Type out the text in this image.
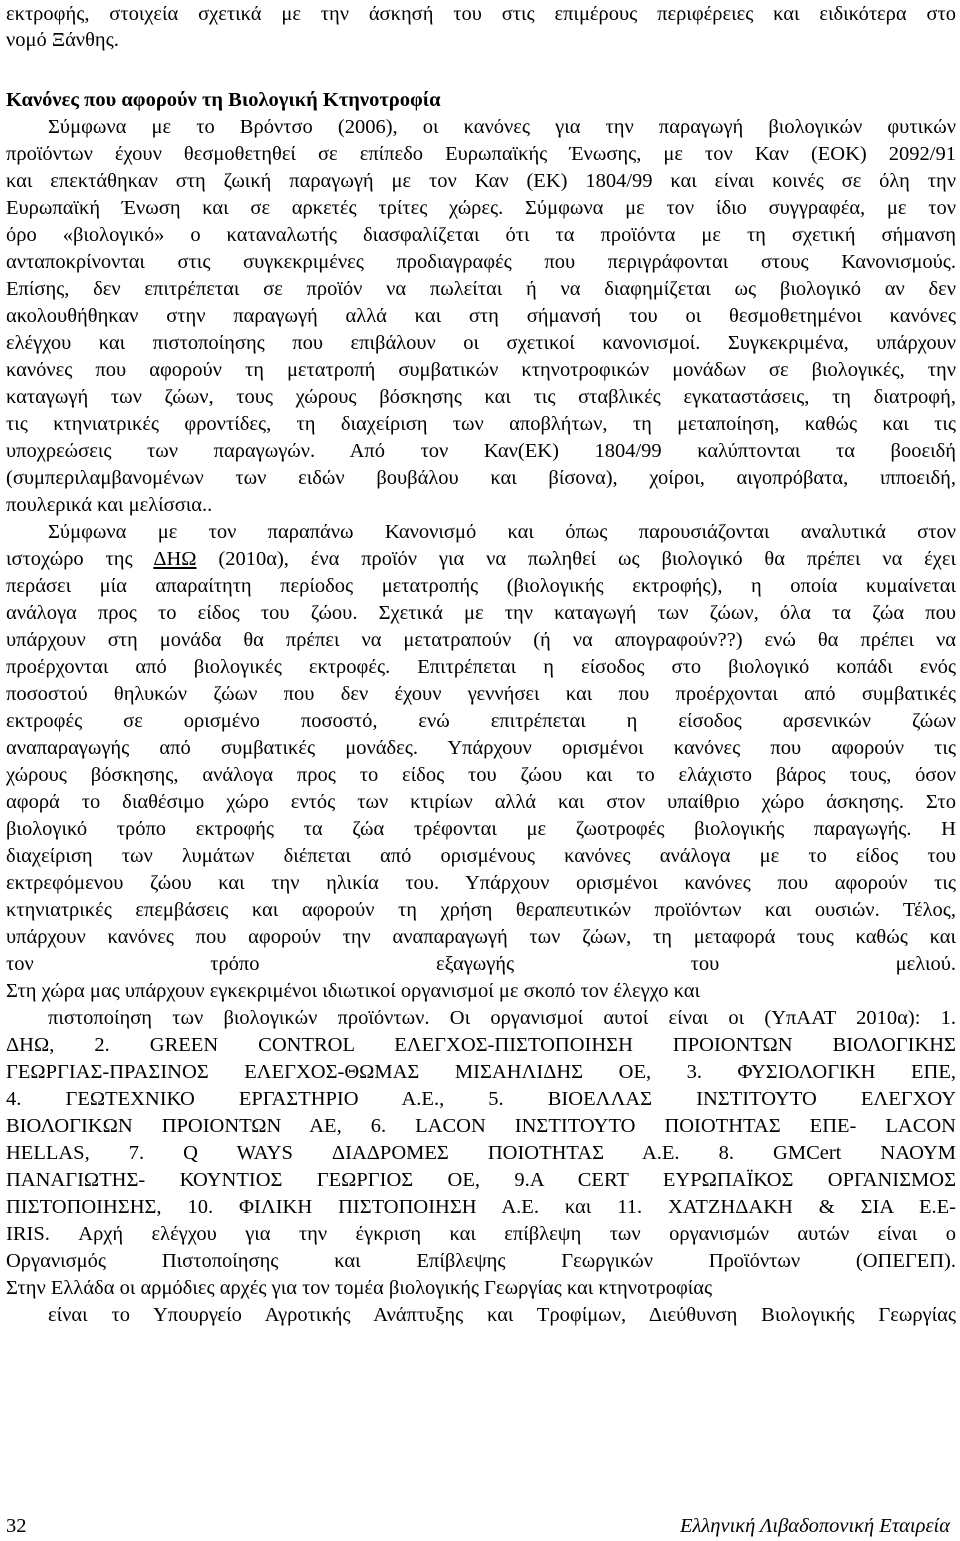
εκτροφής, στοιχεία σχετικά με την άσκησή του στις επιμέρους περιφέρειες και ειδικότερα στο
νομό Ξάνθης.
Κανόνες που αφορούν τη Βιολογική Κτηνοτροφία
Σύμφωνα με το Βρόντσο (2006), οι κανόνες για την παραγωγή βιολογικών φυτικών
προϊόντων έχουν θεσμοθετηθεί σε επίπεδο Ευρωπαϊκής Ένωσης, με τον Καν (ΕΟΚ) 2092/91
και επεκτάθηκαν στη ζωική παραγωγή με τον Καν (ΕΚ) 1804/99 και είναι κοινές σε όλη την
Ευρωπαϊκή Ένωση και σε αρκετές τρίτες χώρες. Σύμφωνα με τον ίδιο συγγραφέα, με τον
όρο «βιολογικό» ο καταναλωτής διασφαλίζεται ότι τα προϊόντα με τη σχετική σήμανση
ανταποκρίνονται στις συγκεκριμένες προδιαγραφές που περιγράφονται στους Κανονισμούς.
Επίσης, δεν επιτρέπεται σε προϊόν να πωλείται ή να διαφημίζεται ως βιολογικό αν δεν
ακολουθήθηκαν στην παραγωγή αλλά και στη σήμανσή του οι θεσμοθετημένοι κανόνες
ελέγχου και πιστοποίησης που επιβάλουν οι σχετικοί κανονισμοί. Συγκεκριμένα, υπάρχουν
κανόνες που αφορούν τη μετατροπή συμβατικών κτηνοτροφικών μονάδων σε βιολογικές, την
καταγωγή των ζώων, τους χώρους βόσκησης και τις σταβλικές εγκαταστάσεις, τη διατροφή,
τις κτηνιατρικές φροντίδες, τη διαχείριση των αποβλήτων, τη μεταποίηση, καθώς και τις
υποχρεώσεις των παραγωγών. Από τον Καν(ΕΚ) 1804/99 καλύπτονται τα βοοειδή
(συμπεριλαμβανομένων των ειδών βουβάλου και βίσονα), χοίροι, αιγοπρόβατα, ιπποειδή,
πουλερικά και μελίσσια..
Σύμφωνα με τον παραπάνω Κανονισμό και όπως παρουσιάζονται αναλυτικά στον
ιστοχώρο της ΔΗΩ (2010α), ένα προϊόν για να πωληθεί ως βιολογικό θα πρέπει να έχει
περάσει μία απαραίτητη περίοδος μετατροπής (βιολογικής εκτροφής), η οποία κυμαίνεται
ανάλογα προς το είδος του ζώου. Σχετικά με την καταγωγή των ζώων, όλα τα ζώα που
υπάρχουν στη μονάδα θα πρέπει να μετατραπούν (ή να απογραφούν??) ενώ θα πρέπει να
προέρχονται από βιολογικές εκτροφές. Επιτρέπεται η είσοδος στο βιολογικό κοπάδι ενός
ποσοστού θηλυκών ζώων που δεν έχουν γεννήσει και που προέρχονται από συμβατικές
εκτροφές σε ορισμένο ποσοστό, ενώ επιτρέπεται η είσοδος αρσενικών ζώων
αναπαραγωγής από συμβατικές μονάδες. Υπάρχουν ορισμένοι κανόνες που αφορούν τις
χώρους βόσκησης, ανάλογα προς το είδος του ζώου και το ελάχιστο βάρος τους, όσον
αφορά το διαθέσιμο χώρο εντός των κτιρίων αλλά και στον υπαίθριο χώρο άσκησης. Στο
βιολογικό τρόπο εκτροφής τα ζώα τρέφονται με ζωοτροφές βιολογικής παραγωγής. Η
διαχείριση των λυμάτων διέπεται από ορισμένους κανόνες ανάλογα με το είδος του
εκτρεφόμενου ζώου και την ηλικία του. Υπάρχουν ορισμένοι κανόνες που αφορούν τις
κτηνιατρικές επεμβάσεις και αφορούν τη χρήση θεραπευτικών προϊόντων και ουσιών. Τέλος,
υπάρχουν κανόνες που αφορούν την αναπαραγωγή των ζώων, τη μεταφορά τους καθώς και
τον τρόπο εξαγωγής του μελιού.
Στη χώρα μας υπάρχουν εγκεκριμένοι ιδιωτικοί οργανισμοί με σκοπό τον έλεγχο και
πιστοποίηση των βιολογικών προϊόντων. Οι οργανισμοί αυτοί είναι οι (ΥπΑΑΤ 2010α): 1.
ΔΗΩ, 2. GREEN CONTROL ΕΛΕΓΧΟΣ-ΠΙΣΤΟΠΟΙΗΣΗ ΠΡΟΙΟΝΤΩΝ ΒΙΟΛΟΓΙΚΗΣ
ΓΕΩΡΓΙΑΣ-ΠΡΑΣΙΝΟΣ ΕΛΕΓΧΟΣ-ΘΩΜΑΣ ΜΙΣΑΗΛΙΔΗΣ ΟΕ, 3. ΦΥΣΙΟΛΟΓΙΚΗ ΕΠΕ,
4. ΓΕΩΤΕΧΝΙΚΟ ΕΡΓΑΣΤΗΡΙΟ Α.Ε., 5. ΒΙΟΕΛΛΑΣ ΙΝΣΤΙΤΟΥΤΟ ΕΛΕΓΧΟΥ
ΒΙΟΛΟΓΙΚΩΝ ΠΡΟΙΟΝΤΩΝ ΑΕ, 6. LACON ΙΝΣΤΙΤΟΥΤΟ ΠΟΙΟΤΗΤΑΣ ΕΠΕ- LACON
HELLAS, 7. Q WAYS ΔΙΑΔΡΟΜΕΣ ΠΟΙΟΤΗΤΑΣ Α.Ε. 8. GMCert ΝΑΟΥΜ
ΠΑΝΑΓΙΩΤΗΣ- ΚΟΥΝΤΙΟΣ ΓΕΩΡΓΙΟΣ ΟΕ, 9.A CERT ΕΥΡΩΠΑΪΚΟΣ ΟΡΓΑΝΙΣΜΟΣ
ΠΙΣΤΟΠΟΙΗΣΗΣ, 10. ΦΙΛΙΚΗ ΠΙΣΤΟΠΟΙΗΣΗ Α.Ε. και 11. ΧΑΤΖΗΔΑΚΗ & ΣΙΑ Ε.Ε-
IRIS. Αρχή ελέγχου για την έγκριση και επίβλεψη των οργανισμών αυτών είναι ο
Οργανισμός Πιστοποίησης και Επίβλεψης Γεωργικών Προϊόντων (ΟΠΕΓΕΠ).
Στην Ελλάδα οι αρμόδιες αρχές για τον τομέα βιολογικής Γεωργίας και κτηνοτροφίας
είναι το Υπουργείο Αγροτικής Ανάπτυξης και Τροφίμων, Διεύθυνση Βιολογικής Γεωργίας
32	Ελληνική Λιβαδοπονική Εταιρεία
